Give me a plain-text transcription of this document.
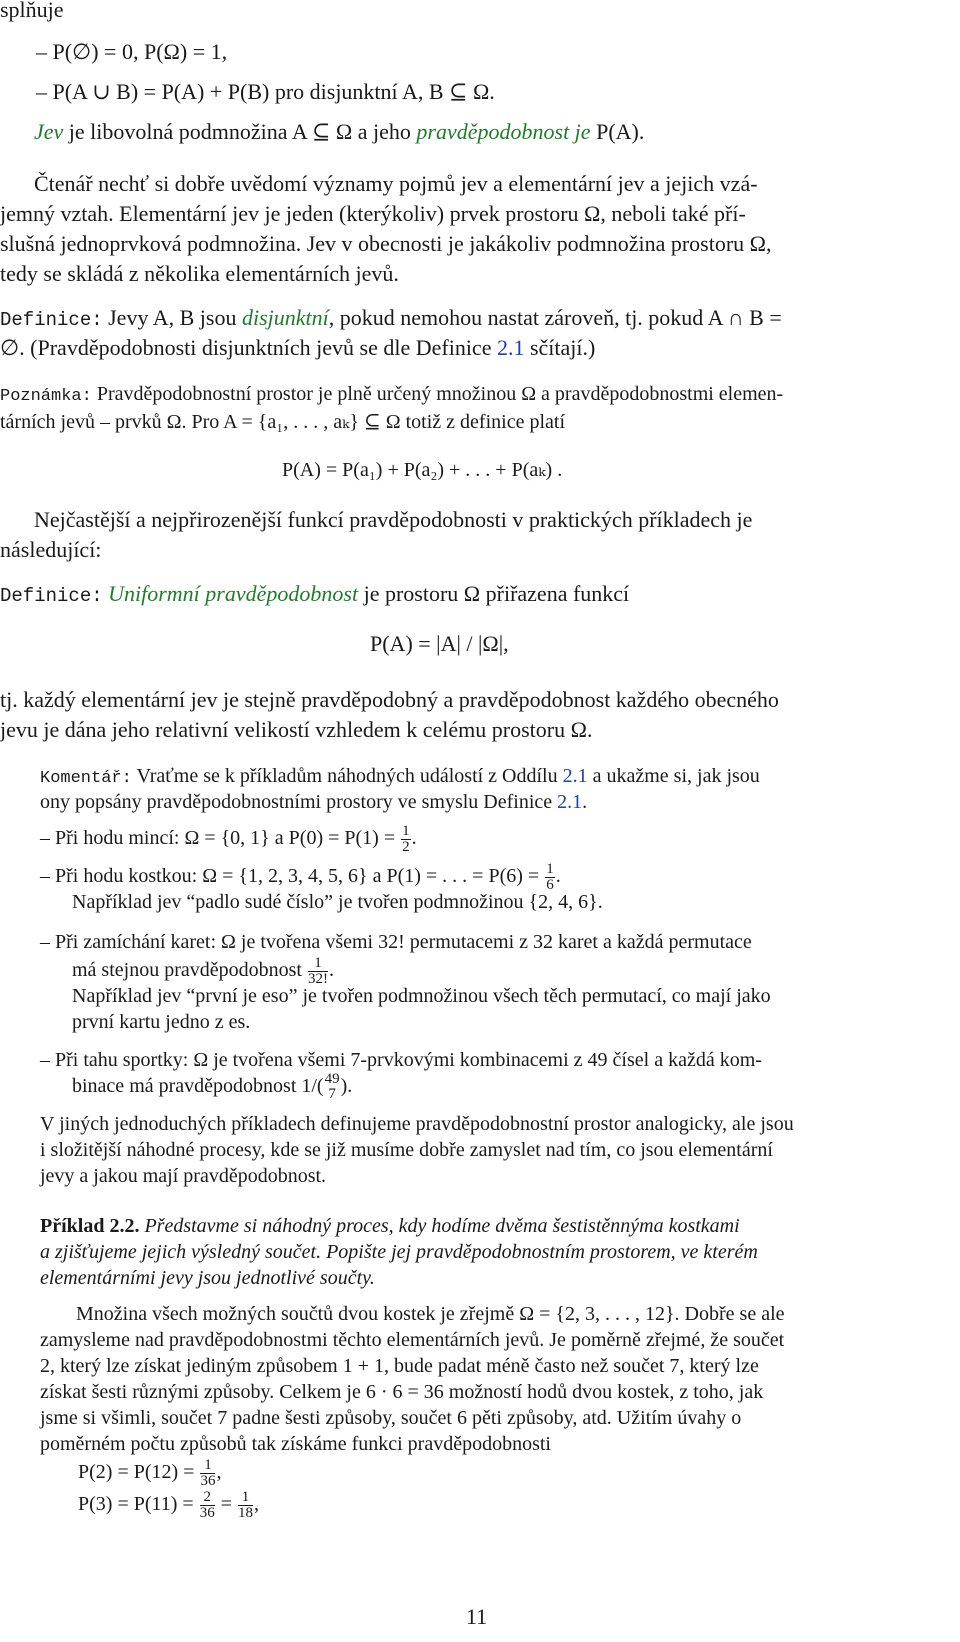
splňuje
– P(∅) = 0, P(Ω) = 1,
– P(A ∪ B) = P(A) + P(B) pro disjunktní A, B ⊆ Ω.
Jev je libovolná podmnožina A ⊆ Ω a jeho pravděpodobnost je P(A).
Čtenář nechť si dobře uvědomí významy pojmů jev a elementární jev a jejich vzá-
jemný vztah. Elementární jev je jeden (kterýkoliv) prvek prostoru Ω, neboli také pří-
slušná jednoprvková podmnožina. Jev v obecnosti je jakákoliv podmnožina prostoru Ω,
tedy se skládá z několika elementárních jevů.
Definice: Jevy A, B jsou disjunktní, pokud nemohou nastat zároveň, tj. pokud A ∩ B =
∅. (Pravděpodobnosti disjunktních jevů se dle Definice 2.1 sčítají.)
Poznámka: Pravděpodobnostní prostor je plně určený množinou Ω a pravděpodobnostmi elemen-
tárních jevů – prvků Ω. Pro A = {a₁, . . . , aₖ} ⊆ Ω totiž z definice platí
P(A) = P(a₁) + P(a₂) + . . . + P(aₖ) .
Nejčastější a nejpřirozenější funkcí pravděpodobnosti v praktických příkladech je
následující:
Definice: Uniformní pravděpodobnost je prostoru Ω přiřazena funkcí
P(A) = |A| / |Ω|,
tj. každý elementární jev je stejně pravděpodobný a pravděpodobnost každého obecného
jevu je dána jeho relativní velikostí vzhledem k celému prostoru Ω.
Komentář: Vraťme se k příkladům náhodných událostí z Oddílu 2.1 a ukažme si, jak jsou
ony popsány pravděpodobnostními prostory ve smyslu Definice 2.1.
– Při hodu mincí: Ω = {0, 1} a $P(0) = P(1) = \frac{1}{2}$ .
– Při hodu kostkou: Ω = {1, 2, 3, 4, 5, 6} a P(1) = . . . = $P(6) = \frac{1}{6}$ .
Například jev “padlo sudé číslo” je tvořen podmnožinou {2, 4, 6}.
– Při zamíchání karet: Ω je tvořena všemi 32! permutacemi z 32 karet a každá permutace
má stejnou pravděpodobnost $\frac{1}{32!}$ .
Například jev “první je eso” je tvořen podmnožinou všech těch permutací, co mají jako
první kartu jedno z es.
– Při tahu sportky: Ω je tvořena všemi 7-prvkovými kombinacemi z 49 čísel a každá kom-
binace má pravděpodobnost 1/( 49
7 ).
V jiných jednoduchých příkladech definujeme pravděpodobnostní prostor analogicky, ale jsou
i složitější náhodné procesy, kde se již musíme dobře zamyslet nad tím, co jsou elementární
jevy a jakou mají pravděpodobnost.
Příklad 2.2. Představme si náhodný proces, kdy hodíme dvěma šestistěnnýma kostkami
a zjišťujeme jejich výsledný součet. Popište jej pravděpodobnostním prostorem, ve kterém
elementárními jevy jsou jednotlivé součty.
Množina všech možných součtů dvou kostek je zřejmě Ω = {2, 3, . . . , 12}. Dobře se ale
zamysleme nad pravděpodobnostmi těchto elementárních jevů. Je poměrně zřejmé, že součet
2, který lze získat jediným způsobem 1 + 1, bude padat méně často než součet 7, který lze
získat šesti různými způsoby. Celkem je 6 · 6 = 36 možností hodů dvou kostek, z toho, jak
jsme si všimli, součet 7 padne šesti způsoby, součet 6 pěti způsoby, atd. Užitím úvahy o
poměrném počtu způsobů tak získáme funkci pravděpodobnosti
$P(2) = P(12) = \frac{1}{36}$ ,
$P(3) = P(11) = \frac{2}{36} = \frac{1}{18}$ ,
11
